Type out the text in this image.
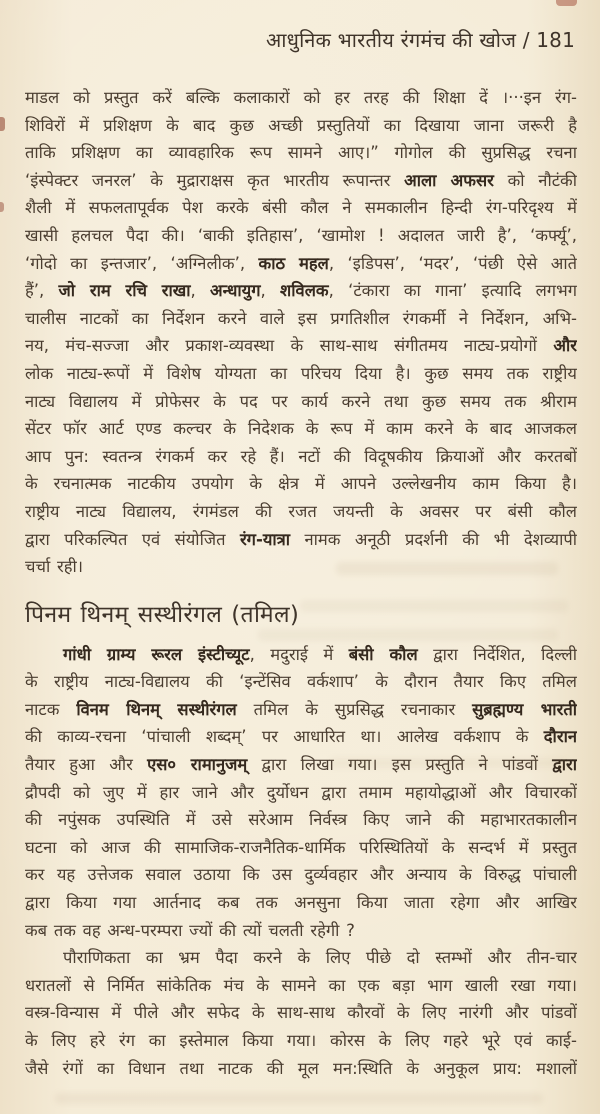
आधुनिक भारतीय रंगमंच की खोज / 181
माडल को प्रस्तुत करें बल्कि कलाकारों को हर तरह की शिक्षा दें ।···इन रंग-
शिविरों में प्रशिक्षण के बाद कुछ अच्छी प्रस्तुतियों का दिखाया जाना जरूरी है
ताकि प्रशिक्षण का व्यावहारिक रूप सामने आए।” गोगोल की सुप्रसिद्ध रचना
‘इंस्पेक्टर जनरल’ के मुद्राराक्षस कृत भारतीय रूपान्तर आला अफसर को नौटंकी
शैली में सफलतापूर्वक पेश करके बंसी कौल ने समकालीन हिन्दी रंग-परिदृश्य में
खासी हलचल पैदा की। ‘बाकी इतिहास’, ‘खामोश ! अदालत जारी है’, ‘कर्फ्यू’,
‘गोदो का इन्तजार’, ‘अग्निलीक’, काठ महल, ‘इडिपस’, ‘मदर’, ‘पंछी ऐसे आते
हैं’, जो राम रचि राखा, अन्धायुग, शविलक, ‘टंकारा का गाना’ इत्यादि लगभग
चालीस नाटकों का निर्देशन करने वाले इस प्रगतिशील रंगकर्मी ने निर्देशन, अभि-
नय, मंच-सज्जा और प्रकाश-व्यवस्था के साथ-साथ संगीतमय नाट्य-प्रयोगों और
लोक नाट्य-रूपों में विशेष योग्यता का परिचय दिया है। कुछ समय तक राष्ट्रीय
नाट्य विद्यालय में प्रोफेसर के पद पर कार्य करने तथा कुछ समय तक श्रीराम
सेंटर फॉर आर्ट एण्ड कल्चर के निदेशक के रूप में काम करने के बाद आजकल
आप पुन: स्वतन्त्र रंगकर्म कर रहे हैं। नटों की विदूषकीय क्रियाओं और करतबों
के रचनात्मक नाटकीय उपयोग के क्षेत्र में आपने उल्लेखनीय काम किया है।
राष्ट्रीय नाट्य विद्यालय, रंगमंडल की रजत जयन्ती के अवसर पर बंसी कौल
द्वारा परिकल्पित एवं संयोजित रंग-यात्रा नामक अनूठी प्रदर्शनी की भी देशव्यापी
चर्चा रही।
पिनम थिनम् सस्थीरंगल (तमिल)
गांधी ग्राम्य रूरल इंस्टीच्यूट, मदुराई में बंसी कौल द्वारा निर्देशित, दिल्ली
के राष्ट्रीय नाट्य-विद्यालय की ‘इन्टेंसिव वर्कशाप’ के दौरान तैयार किए तमिल
नाटक विनम थिनम् सस्थीरंगल तमिल के सुप्रसिद्ध रचनाकार सुब्रह्मण्य भारती
की काव्य-रचना ‘पांचाली शब्दम्’ पर आधारित था। आलेख वर्कशाप के दौरान
तैयार हुआ और एस० रामानुजम् द्वारा लिखा गया। इस प्रस्तुति ने पांडवों द्वारा
द्रौपदी को जुए में हार जाने और दुर्योधन द्वारा तमाम महायोद्धाओं और विचारकों
की नपुंसक उपस्थिति में उसे सरेआम निर्वस्त्र किए जाने की महाभारतकालीन
घटना को आज की सामाजिक-राजनैतिक-धार्मिक परिस्थितियों के सन्दर्भ में प्रस्तुत
कर यह उत्तेजक सवाल उठाया कि उस दुर्व्यवहार और अन्याय के विरुद्ध पांचाली
द्वारा किया गया आर्तनाद कब तक अनसुना किया जाता रहेगा और आखिर
कब तक वह अन्ध-परम्परा ज्यों की त्यों चलती रहेगी ?
पौराणिकता का भ्रम पैदा करने के लिए पीछे दो स्तम्भों और तीन-चार
धरातलों से निर्मित सांकेतिक मंच के सामने का एक बड़ा भाग खाली रखा गया।
वस्त्र-विन्यास में पीले और सफेद के साथ-साथ कौरवों के लिए नारंगी और पांडवों
के लिए हरे रंग का इस्तेमाल किया गया। कोरस के लिए गहरे भूरे एवं काई-
जैसे रंगों का विधान तथा नाटक की मूल मन:स्थिति के अनुकूल प्राय: मशालों
